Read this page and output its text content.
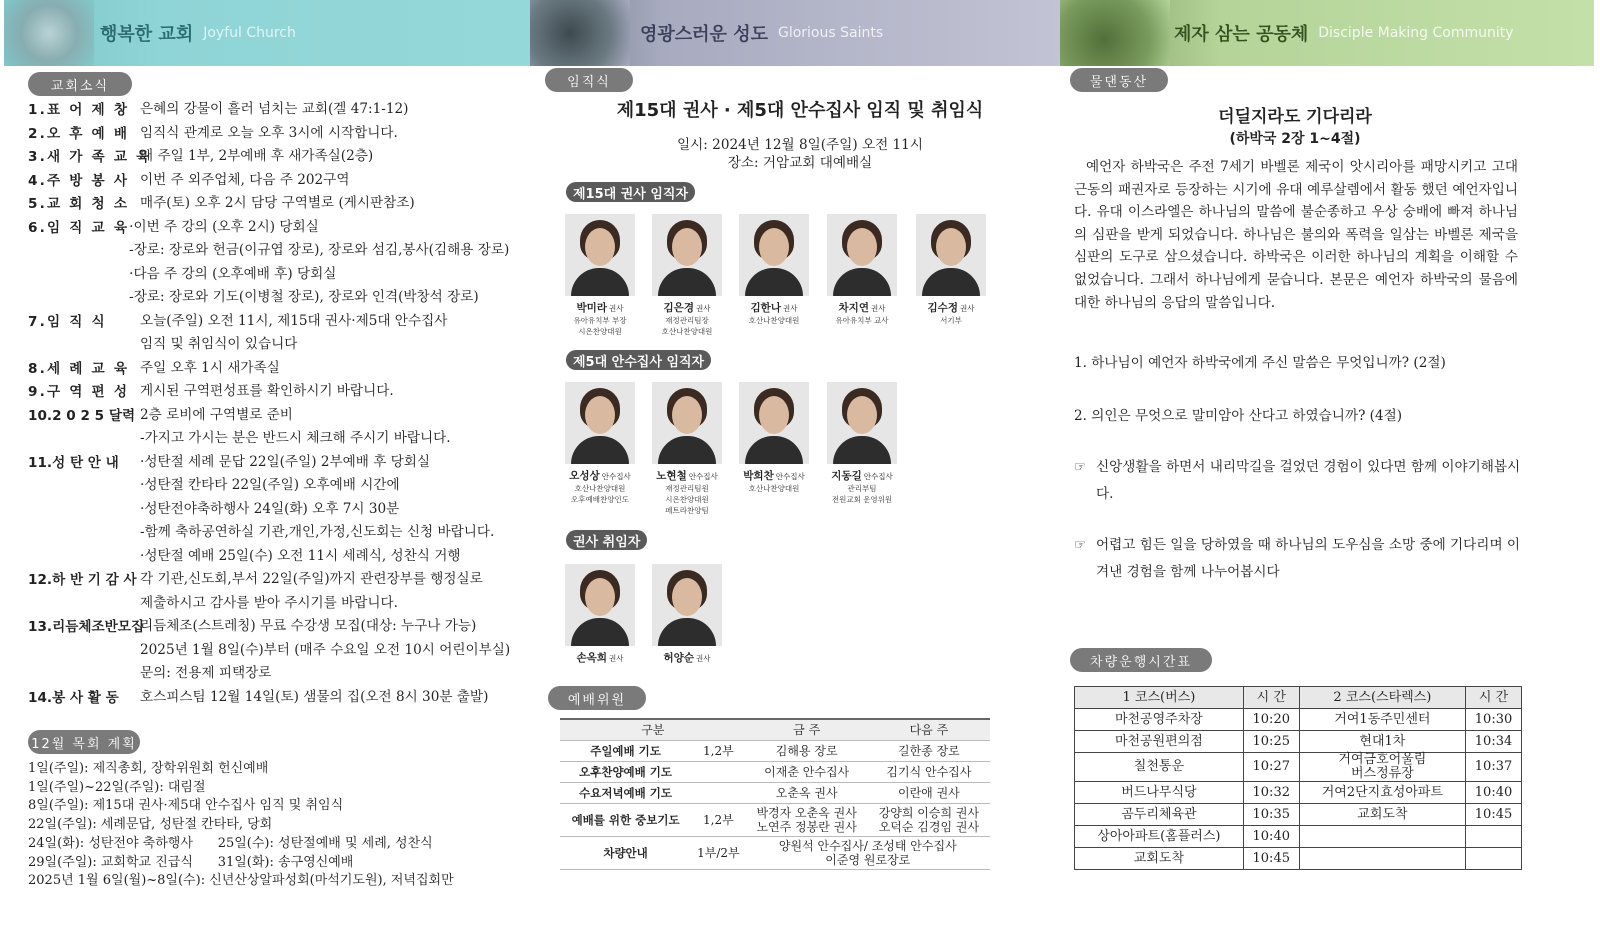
행복한 교회 Joyful Church	영광스러운 성도 Glorious Saints	제자 삼는 공동체 Disciple Making Community
교회소식
1.표 어 제 창 은혜의 강물이 흘러 넘치는 교회(겔 47:1-12)
2.오 후 예 배 임직식 관계로 오늘 오후 3시에 시작합니다.
3.새 가 족 교 육
매 주일 1부, 2부예배 후 새가족실(2층)
4.주 방 봉 사 이번 주 외주업체, 다음 주 202구역
5.교 회 청 소 매주(토) 오후 2시 담당 구역별로 (게시판참조)
6.임 직 교 육 ·이번 주 강의 (오후 2시) 당회실
-장로: 장로와 헌금(이규엽 장로), 장로와 섬김,봉사(김해용 장로)
·다음 주 강의 (오후예배 후) 당회실
-장로: 장로와 기도(이병철 장로), 장로와 인격(박창석 장로)
7.임 직 식	오늘(주일) 오전 11시, 제15대 권사·제5대 안수집사
임직 및 취임식이 있습니다
8.세 례 교 육 주일 오후 1시 새가족실
9.구 역 편 성 게시된 구역편성표를 확인하시기 바랍니다.
10.2 0 2 5 달력 2층 로비에 구역별로 준비
-가지고 가시는 분은 반드시 체크해 주시기 바랍니다.
11.성 탄 안 내	·성탄절 세례 문답 22일(주일) 2부예배 후 당회실
·성탄절 칸타타 22일(주일) 오후예배 시간에
·성탄전야축하행사 24일(화) 오후 7시 30분
-함께 축하공연하실 기관,개인,가정,신도회는 신청 바랍니다.
·성탄절 예배 25일(수) 오전 11시 세례식, 성찬식 거행
12.하 반 기 감 사 각 기관,신도회,부서 22일(주일)까지 관련장부를 행정실로
제출하시고 감사를 받아 주시기를 바랍니다.
13.리듬체조반모집
리듬체조(스트레칭) 무료 수강생 모집(대상: 누구나 가능)
2025년 1월 8일(수)부터 (매주 수요일 오전 10시 어린이부실)
문의: 전용제 피택장로
14.봉 사 활 동	호스피스팀 12월 14일(토) 샘물의 집(오전 8시 30분 출발)
12월 목회 계획
1일(주일): 제직총회, 장학위원회 헌신예배
1일(주일)~22일(주일): 대림절
8일(주일): 제15대 권사·제5대 안수집사 임직 및 취임식
22일(주일): 세례문답, 성탄절 칸타타, 당회
24일(화): 성탄전야 축하행사      25일(수): 성탄절예배 및 세례, 성찬식
29일(주일): 교회학교 진급식      31일(화): 송구영신예배
2025년 1월 6일(월)~8일(수): 신년산상알파성회(마석기도원), 저녁집회만
임직식
제15대 권사 · 제5대 안수집사 임직 및 취임식
일시: 2024년 12월 8일(주일) 오전 11시
장소: 거암교회 대예배실
제15대 권사 임직자
박미라 권사
유아유치부 부장
시온찬양대원
김은경 권사
재정관리팀장
호산나찬양대원
김한나 권사
호산나찬양대원
차지연 권사
유아유치부 교사
김수정 권사
서기부
제5대 안수집사 임직자
오성상 안수집사
호산나찬양대원
오후예배찬양인도
노현철 안수집사
재정관리팀원
시온찬양대원
페트라찬양팀
박희찬 안수집사
호산나찬양대원
지동길 안수집사
관리부팀
전원교회 운영위원
권사 취임자
손옥희 권사	허양순 권사
예배위원
구분		금 주	다음 주
주일예배 기도	1,2부	김해용 장로	길한종 장로
오후찬양예배 기도		이재춘 안수집사	김기식 안수집사
수요저녁예배 기도		오춘옥 권사	이란애 권사
예배를 위한 중보기도	1,2부	박경자 오춘옥 권사
노연주 정봉란 권사	강양희 이승희 권사
오덕순 김경임 권사
차량안내	1부/2부	양원석 안수집사/ 조성태 안수집사
이준영 원로장로	
물댄동산
더딜지라도 기다리라
(하박국 2장 1~4절)
예언자 하박국은 주전 7세기 바벨론 제국이 앗시리아를 패망시키고 고대 근동의 패권자로 등장하는 시기에 유대 예루살렘에서 활동 했던 예언자입니다. 유대 이스라엘은 하나님의 말씀에 불순종하고 우상 숭배에 빠져 하나님의 심판을 받게 되었습니다. 하나님은 불의와 폭력을 일삼는 바벨론 제국을 심판의 도구로 삼으셨습니다. 하박국은 이러한 하나님의 계획을 이해할 수 없었습니다. 그래서 하나님에게 묻습니다. 본문은 예언자 하박국의 물음에 대한 하나님의 응답의 말씀입니다.
1. 하나님이 예언자 하박국에게 주신 말씀은 무엇입니까? (2절)
2. 의인은 무엇으로 말미암아 산다고 하였습니까? (4절)
☞ 신앙생활을 하면서 내리막길을 걸었던 경험이 있다면 함께 이야기해봅시다.
☞ 어렵고 힘든 일을 당하였을 때 하나님의 도우심을 소망 중에 기다리며 이겨낸 경험을 함께 나누어봅시다
차량운행시간표
1 코스(버스)	시 간	2 코스(스타렉스)	시 간
마천공영주차장	10:20	거여1동주민센터	10:30
마천공원편의점	10:25	현대1차	10:34
칠천통운	10:27	거여금호어울림
버스정류장	10:37
버드나무식당	10:32	거여2단지효성아파트	10:40
곰두리체육관	10:35	교회도착	10:45
상아아파트(홈플러스)	10:40		
교회도착	10:45		
